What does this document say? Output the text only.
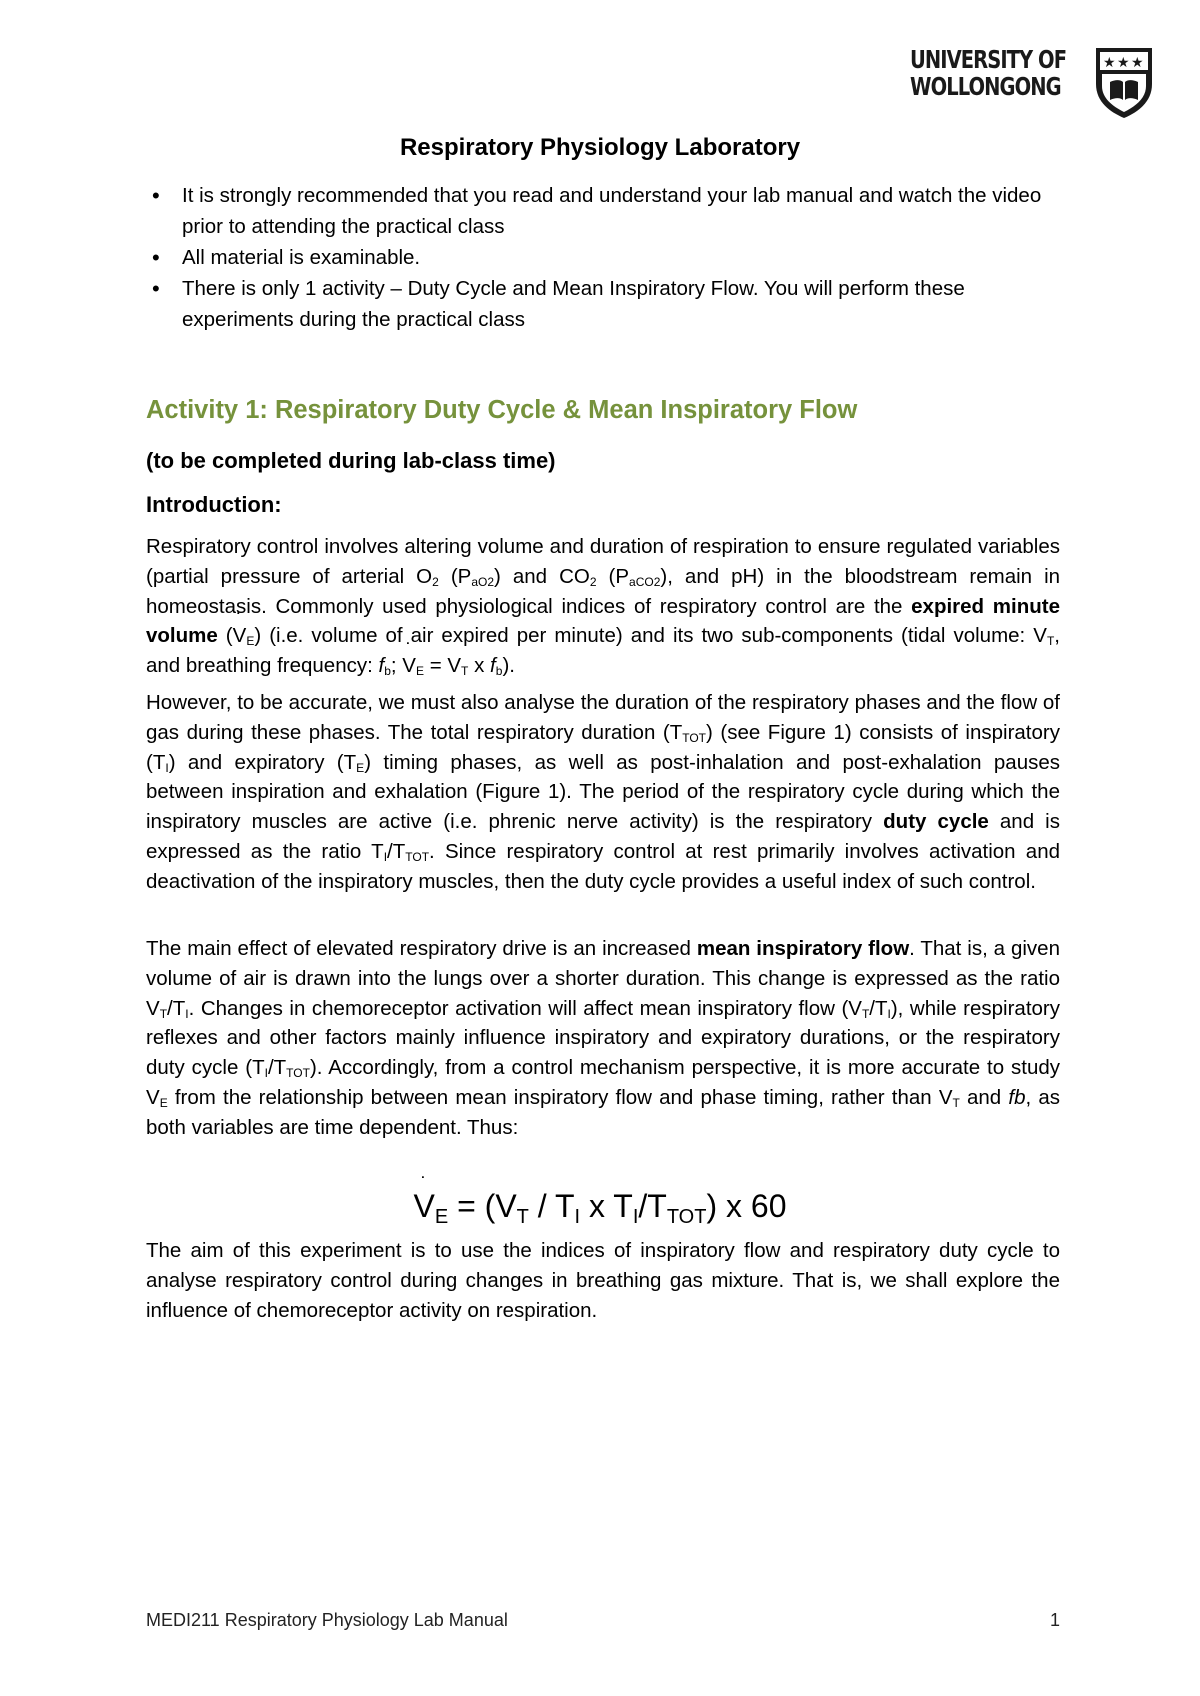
UNIVERSITY OF
WOLLONGONG
★ ★ ★
Respiratory Physiology Laboratory
• It is strongly recommended that you read and understand your lab manual and watch the video prior to attending the practical class
• All material is examinable.
• There is only 1 activity – Duty Cycle and Mean Inspiratory Flow. You will perform these experiments during the practical class
Activity 1: Respiratory Duty Cycle & Mean Inspiratory Flow
(to be completed during lab-class time)
Introduction:

Respiratory control involves altering volume and duration of respiration to ensure regulated variables (partial pressure of arterial $O_2$ $(P_{aO2})$ and $CO_2$ $(P_{aCO2})$, and pH) in the bloodstream remain in homeostasis. Commonly used physiological indices of respiratory control are the expired minute volume (V $˙_E$) (i.e. volume of air expired per minute) and its two sub-components (tidal volume: $V_T$, and breathing frequency: $f_b$; V $˙_E = V_T$ x $f_b$).

However, to be accurate, we must also analyse the duration of the respiratory phases and the flow of gas during these phases. The total respiratory duration $(T_{TOT})$ (see Figure 1) consists of inspiratory $(T_I)$ and expiratory $(T_E)$ timing phases, as well as post-inhalation and post-exhalation pauses between inspiration and exhalation (Figure 1). The period of the respiratory cycle during which the inspiratory muscles are active (i.e. phrenic nerve activity) is the respiratory duty cycle and is expressed as the ratio $T_I/T_{TOT}$. Since respiratory control at rest primarily involves activation and deactivation of the inspiratory muscles, then the duty cycle provides a useful index of such control.

The main effect of elevated respiratory drive is an increased mean inspiratory flow. That is, a given volume of air is drawn into the lungs over a shorter duration. This change is expressed as the ratio $V_T/T_I$. Changes in chemoreceptor activation will affect mean inspiratory flow $(V_T/T_I)$, while respiratory reflexes and other factors mainly influence inspiratory and expiratory durations, or the respiratory duty cycle $(T_I/T_{TOT})$. Accordingly, from a control mechanism perspective, it is more accurate to study $V_E$ from the relationship between mean inspiratory flow and phase timing, rather than $V_T$ and fb, as both variables are time dependent. Thus:

V $˙_E = (V_T / T_I$ x $T_I/T_{TOT}$) x 60
The aim of this experiment is to use the indices of inspiratory flow and respiratory duty cycle to analyse respiratory control during changes in breathing gas mixture. That is, we shall explore the influence of chemoreceptor activity on respiration.
MEDI211 Respiratory Physiology Lab Manual	1
